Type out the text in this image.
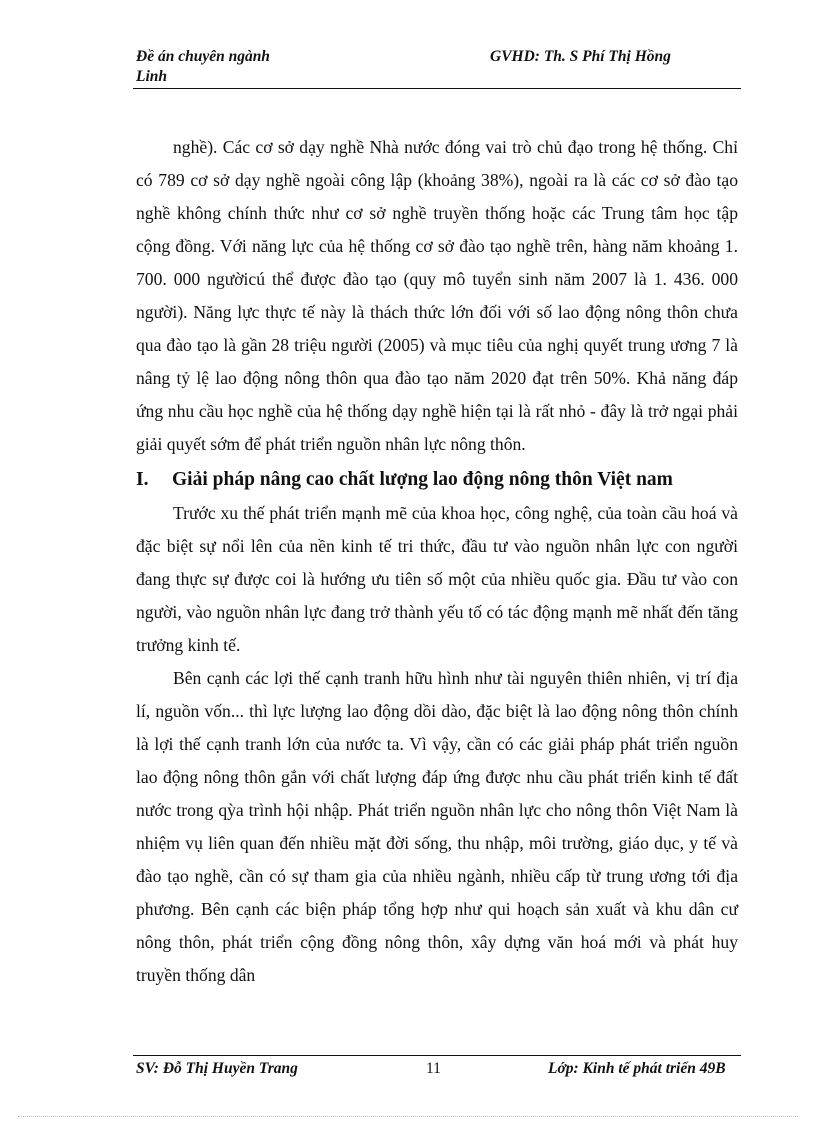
Đề án chuyên ngành
Linh
GVHD: Th. S Phí Thị Hồng

nghề). Các cơ sở dạy nghề Nhà nước đóng vai trò chủ đạo trong hệ thống. Chỉ có 789 cơ sở dạy nghề ngoài công lập (khoảng 38%), ngoài ra là các cơ sở đào tạo nghề không chính thức như cơ sở nghề truyền thống hoặc các Trung tâm học tập cộng đồng. Với năng lực của hệ thống cơ sở đào tạo nghề trên, hàng năm khoảng 1. 700. 000 ngườicú thể được đào tạo (quy mô tuyển sinh năm 2007 là 1. 436. 000 người). Năng lực thực tế này là thách thức lớn đối với số lao động nông thôn chưa qua đào tạo là gần 28 triệu người (2005) và mục tiêu của nghị quyết trung ương 7 là nâng tỷ lệ lao động nông thôn qua đào tạo năm 2020 đạt trên 50%. Khả năng đáp ứng nhu cầu học nghề của hệ thống dạy nghề hiện tại là rất nhỏ - đây là trở ngại phải giải quyết sớm để phát triển nguồn nhân lực nông thôn.

I. Giải pháp nâng cao chất lượng lao động nông thôn Việt nam

Trước xu thế phát triển mạnh mẽ của khoa học, công nghệ, của toàn cầu hoá và đặc biệt sự nổi lên của nền kinh tế tri thức, đầu tư vào nguồn nhân lực con người đang thực sự được coi là hướng ưu tiên số một của nhiều quốc gia. Đầu tư vào con người, vào nguồn nhân lực đang trở thành yếu tố có tác động mạnh mẽ nhất đến tăng trưởng kinh tế.

Bên cạnh các lợi thế cạnh tranh hữu hình như tài nguyên thiên nhiên, vị trí địa lí, nguồn vốn... thì lực lượng lao động dồi dào, đặc biệt là lao động nông thôn chính là lợi thế cạnh tranh lớn của nước ta. Vì vậy, cần có các giải pháp phát triển nguồn lao động nông thôn gắn với chất lượng đáp ứng được nhu cầu phát triển kinh tế đất nước trong qỳa trình hội nhập. Phát triển nguồn nhân lực cho nông thôn Việt Nam là nhiệm vụ liên quan đến nhiều mặt đời sống, thu nhập, môi trường, giáo dục, y tế và đào tạo nghề, cần có sự tham gia của nhiều ngành, nhiều cấp từ trung ương tới địa phương. Bên cạnh các biện pháp tổng hợp như qui hoạch sản xuất và khu dân cư nông thôn, phát triển cộng đồng nông thôn, xây dựng văn hoá mới và phát huy truyền thống dân

SV: Đỗ Thị Huyền Trang	11	Lớp: Kinh tế phát triển 49B
